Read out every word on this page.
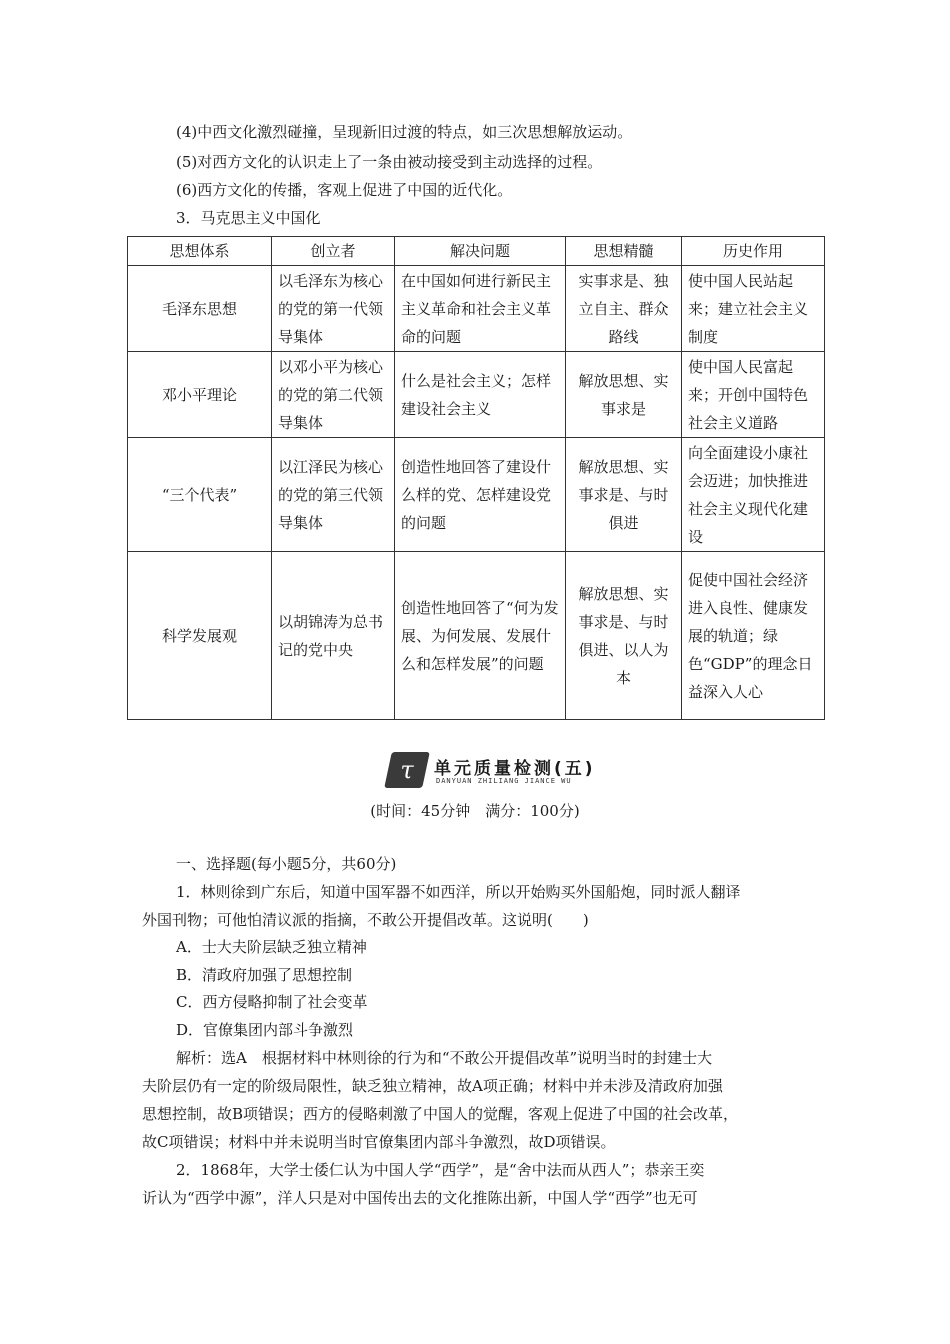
(4)中西文化激烈碰撞，呈现新旧过渡的特点，如三次思想解放运动。
(5)对西方文化的认识走上了一条由被动接受到主动选择的过程。
(6)西方文化的传播，客观上促进了中国的近代化。
3．马克思主义中国化
思想体系	创立者	解决问题	思想精髓	历史作用
毛泽东思想	以毛泽东为核心的党的第一代领导集体	在中国如何进行新民主主义革命和社会主义革命的问题	实事求是、独立自主、群众路线	使中国人民站起来；建立社会主义制度
邓小平理论	以邓小平为核心的党的第二代领导集体	什么是社会主义；怎样建设社会主义	解放思想、实事求是	使中国人民富起来；开创中国特色社会主义道路
“三个代表”	以江泽民为核心的党的第三代领导集体	创造性地回答了建设什么样的党、怎样建设党的问题	解放思想、实事求是、与时俱进	向全面建设小康社会迈进；加快推进社会主义现代化建设
科学发展观	以胡锦涛为总书记的党中央	创造性地回答了“何为发展、为何发展、发展什么和怎样发展”的问题	解放思想、实事求是、与时俱进、以人为本	促使中国社会经济进入良性、健康发展的轨道；绿色“GDP”的理念日益深入人心
τ	单元质量检测(五)
DANYUAN ZHILIANG JIANCE WU
(时间：45分钟　满分：100分)
一、选择题(每小题5分，共60分)
1．林则徐到广东后，知道中国军器不如西洋，所以开始购买外国船炮，同时派人翻译
外国刊物；可他怕清议派的指摘，不敢公开提倡改革。这说明(　　)
A．士大夫阶层缺乏独立精神
B．清政府加强了思想控制
C．西方侵略抑制了社会变革
D．官僚集团内部斗争激烈
解析：选A　根据材料中林则徐的行为和“不敢公开提倡改革”说明当时的封建士大
夫阶层仍有一定的阶级局限性，缺乏独立精神，故A项正确；材料中并未涉及清政府加强
思想控制，故B项错误；西方的侵略刺激了中国人的觉醒，客观上促进了中国的社会改革，
故C项错误；材料中并未说明当时官僚集团内部斗争激烈，故D项错误。
2．1868年，大学士倭仁认为中国人学“西学”，是“舍中法而从西人”；恭亲王奕
䜣认为“西学中源”，洋人只是对中国传出去的文化推陈出新，中国人学“西学”也无可
